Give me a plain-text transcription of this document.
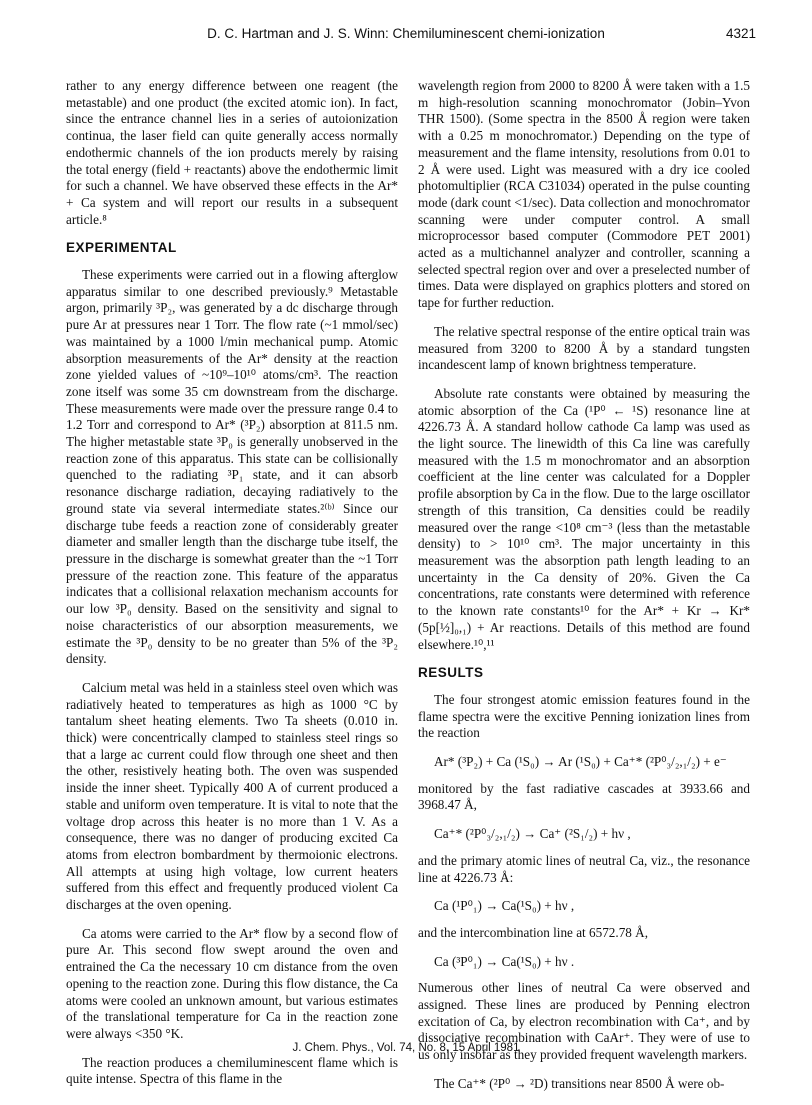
D. C. Hartman and J. S. Winn: Chemiluminescent chemi-ionization	4321

rather to any energy difference between one reagent (the metastable) and one product (the excited atomic ion). In fact, since the entrance channel lies in a series of autoionization continua, the laser field can quite generally access normally endothermic channels of the ion products merely by raising the total energy (field + reactants) above the endothermic limit for such a channel. We have observed these effects in the Ar* + Ca system and will report our results in a subsequent article.⁸

EXPERIMENTAL

These experiments were carried out in a flowing afterglow apparatus similar to one described previously.⁹ Metastable argon, primarily ³P₂, was generated by a dc discharge through pure Ar at pressures near 1 Torr. The flow rate (~1 mmol/sec) was maintained by a 1000 l/min mechanical pump. Atomic absorption measurements of the Ar* density at the reaction zone yielded values of ~10⁹–10¹⁰ atoms/cm³. The reaction zone itself was some 35 cm downstream from the discharge. These measurements were made over the pressure range 0.4 to 1.2 Torr and correspond to Ar* (³P₂) absorption at 811.5 nm. The higher metastable state ³P₀ is generally unobserved in the reaction zone of this apparatus. This state can be collisionally quenched to the radiating ³P₁ state, and it can absorb resonance discharge radiation, decaying radiatively to the ground state via several intermediate states.²⁽ᵇ⁾ Since our discharge tube feeds a reaction zone of considerably greater diameter and smaller length than the discharge tube itself, the pressure in the discharge is somewhat greater than the ~1 Torr pressure of the reaction zone. This feature of the apparatus indicates that a collisional relaxation mechanism accounts for our low ³P₀ density. Based on the sensitivity and signal to noise characteristics of our absorption measurements, we estimate the ³P₀ density to be no greater than 5% of the ³P₂ density.

Calcium metal was held in a stainless steel oven which was radiatively heated to temperatures as high as 1000 °C by tantalum sheet heating elements. Two Ta sheets (0.010 in. thick) were concentrically clamped to stainless steel rings so that a large ac current could flow through one sheet and then the other, resistively heating both. The oven was suspended inside the inner sheet. Typically 400 A of current produced a stable and uniform oven temperature. It is vital to note that the voltage drop across this heater is no more than 1 V. As a consequence, there was no danger of producing excited Ca atoms from electron bombardment by thermoionic electrons. All attempts at using high voltage, low current heaters suffered from this effect and frequently produced violent Ca discharges at the oven opening.

Ca atoms were carried to the Ar* flow by a second flow of pure Ar. This second flow swept around the oven and entrained the Ca the necessary 10 cm distance from the oven opening to the reaction zone. During this flow distance, the Ca atoms were cooled an unknown amount, but various estimates of the translational temperature for Ca in the reaction zone were always <350 °K.

The reaction produces a chemiluminescent flame which is quite intense. Spectra of this flame in the

wavelength region from 2000 to 8200 Å were taken with a 1.5 m high-resolution scanning monochromator (Jobin–Yvon THR 1500). (Some spectra in the 8500 Å region were taken with a 0.25 m monochromator.) Depending on the type of measurement and the flame intensity, resolutions from 0.01 to 2 Å were used. Light was measured with a dry ice cooled photomultiplier (RCA C31034) operated in the pulse counting mode (dark count <1/sec). Data collection and monochromator scanning were under computer control. A small microprocessor based computer (Commodore PET 2001) acted as a multichannel analyzer and controller, scanning a selected spectral region over and over a preselected number of times. Data were displayed on graphics plotters and stored on tape for further reduction.

The relative spectral response of the entire optical train was measured from 3200 to 8200 Å by a standard tungsten incandescent lamp of known brightness temperature.

Absolute rate constants were obtained by measuring the atomic absorption of the Ca (¹P⁰ ← ¹S) resonance line at 4226.73 Å. A standard hollow cathode Ca lamp was used as the light source. The linewidth of this Ca line was carefully measured with the 1.5 m monochromator and an absorption coefficient at the line center was calculated for a Doppler profile absorption by Ca in the flow. Due to the large oscillator strength of this transition, Ca densities could be readily measured over the range <10⁸ cm⁻³ (less than the metastable density) to > 10¹⁰ cm³. The major uncertainty in this measurement was the absorption path length leading to an uncertainty in the Ca density of 20%. Given the Ca concentrations, rate constants were determined with reference to the known rate constants¹⁰ for the Ar* + Kr → Kr* (5p[½]₀,₁) + Ar reactions. Details of this method are found elsewhere.¹⁰,¹¹

RESULTS

The four strongest atomic emission features found in the flame spectra were the excitive Penning ionization lines from the reaction

Ar* (³P₂) + Ca (¹S₀) → Ar (¹S₀) + Ca⁺* (²P⁰₃/₂,₁/₂) + e⁻

monitored by the fast radiative cascades at 3933.66 and 3968.47 Å,

Ca⁺* (²P⁰₃/₂,₁/₂) → Ca⁺ (²S₁/₂) + hν ,

and the primary atomic lines of neutral Ca, viz., the resonance line at 4226.73 Å:

Ca (¹P⁰₁) → Ca(¹S₀) + hν ,

and the intercombination line at 6572.78 Å,

Ca (³P⁰₁) → Ca(¹S₀) + hν .

Numerous other lines of neutral Ca were observed and assigned. These lines are produced by Penning electron excitation of Ca, by electron recombination with Ca⁺, and by dissociative recombination with CaAr⁺. They were of use to us only insofar as they provided frequent wavelength markers.

The Ca⁺* (²P⁰ → ²D) transitions near 8500 Å were ob-

J. Chem. Phys., Vol. 74, No. 8, 15 April 1981
